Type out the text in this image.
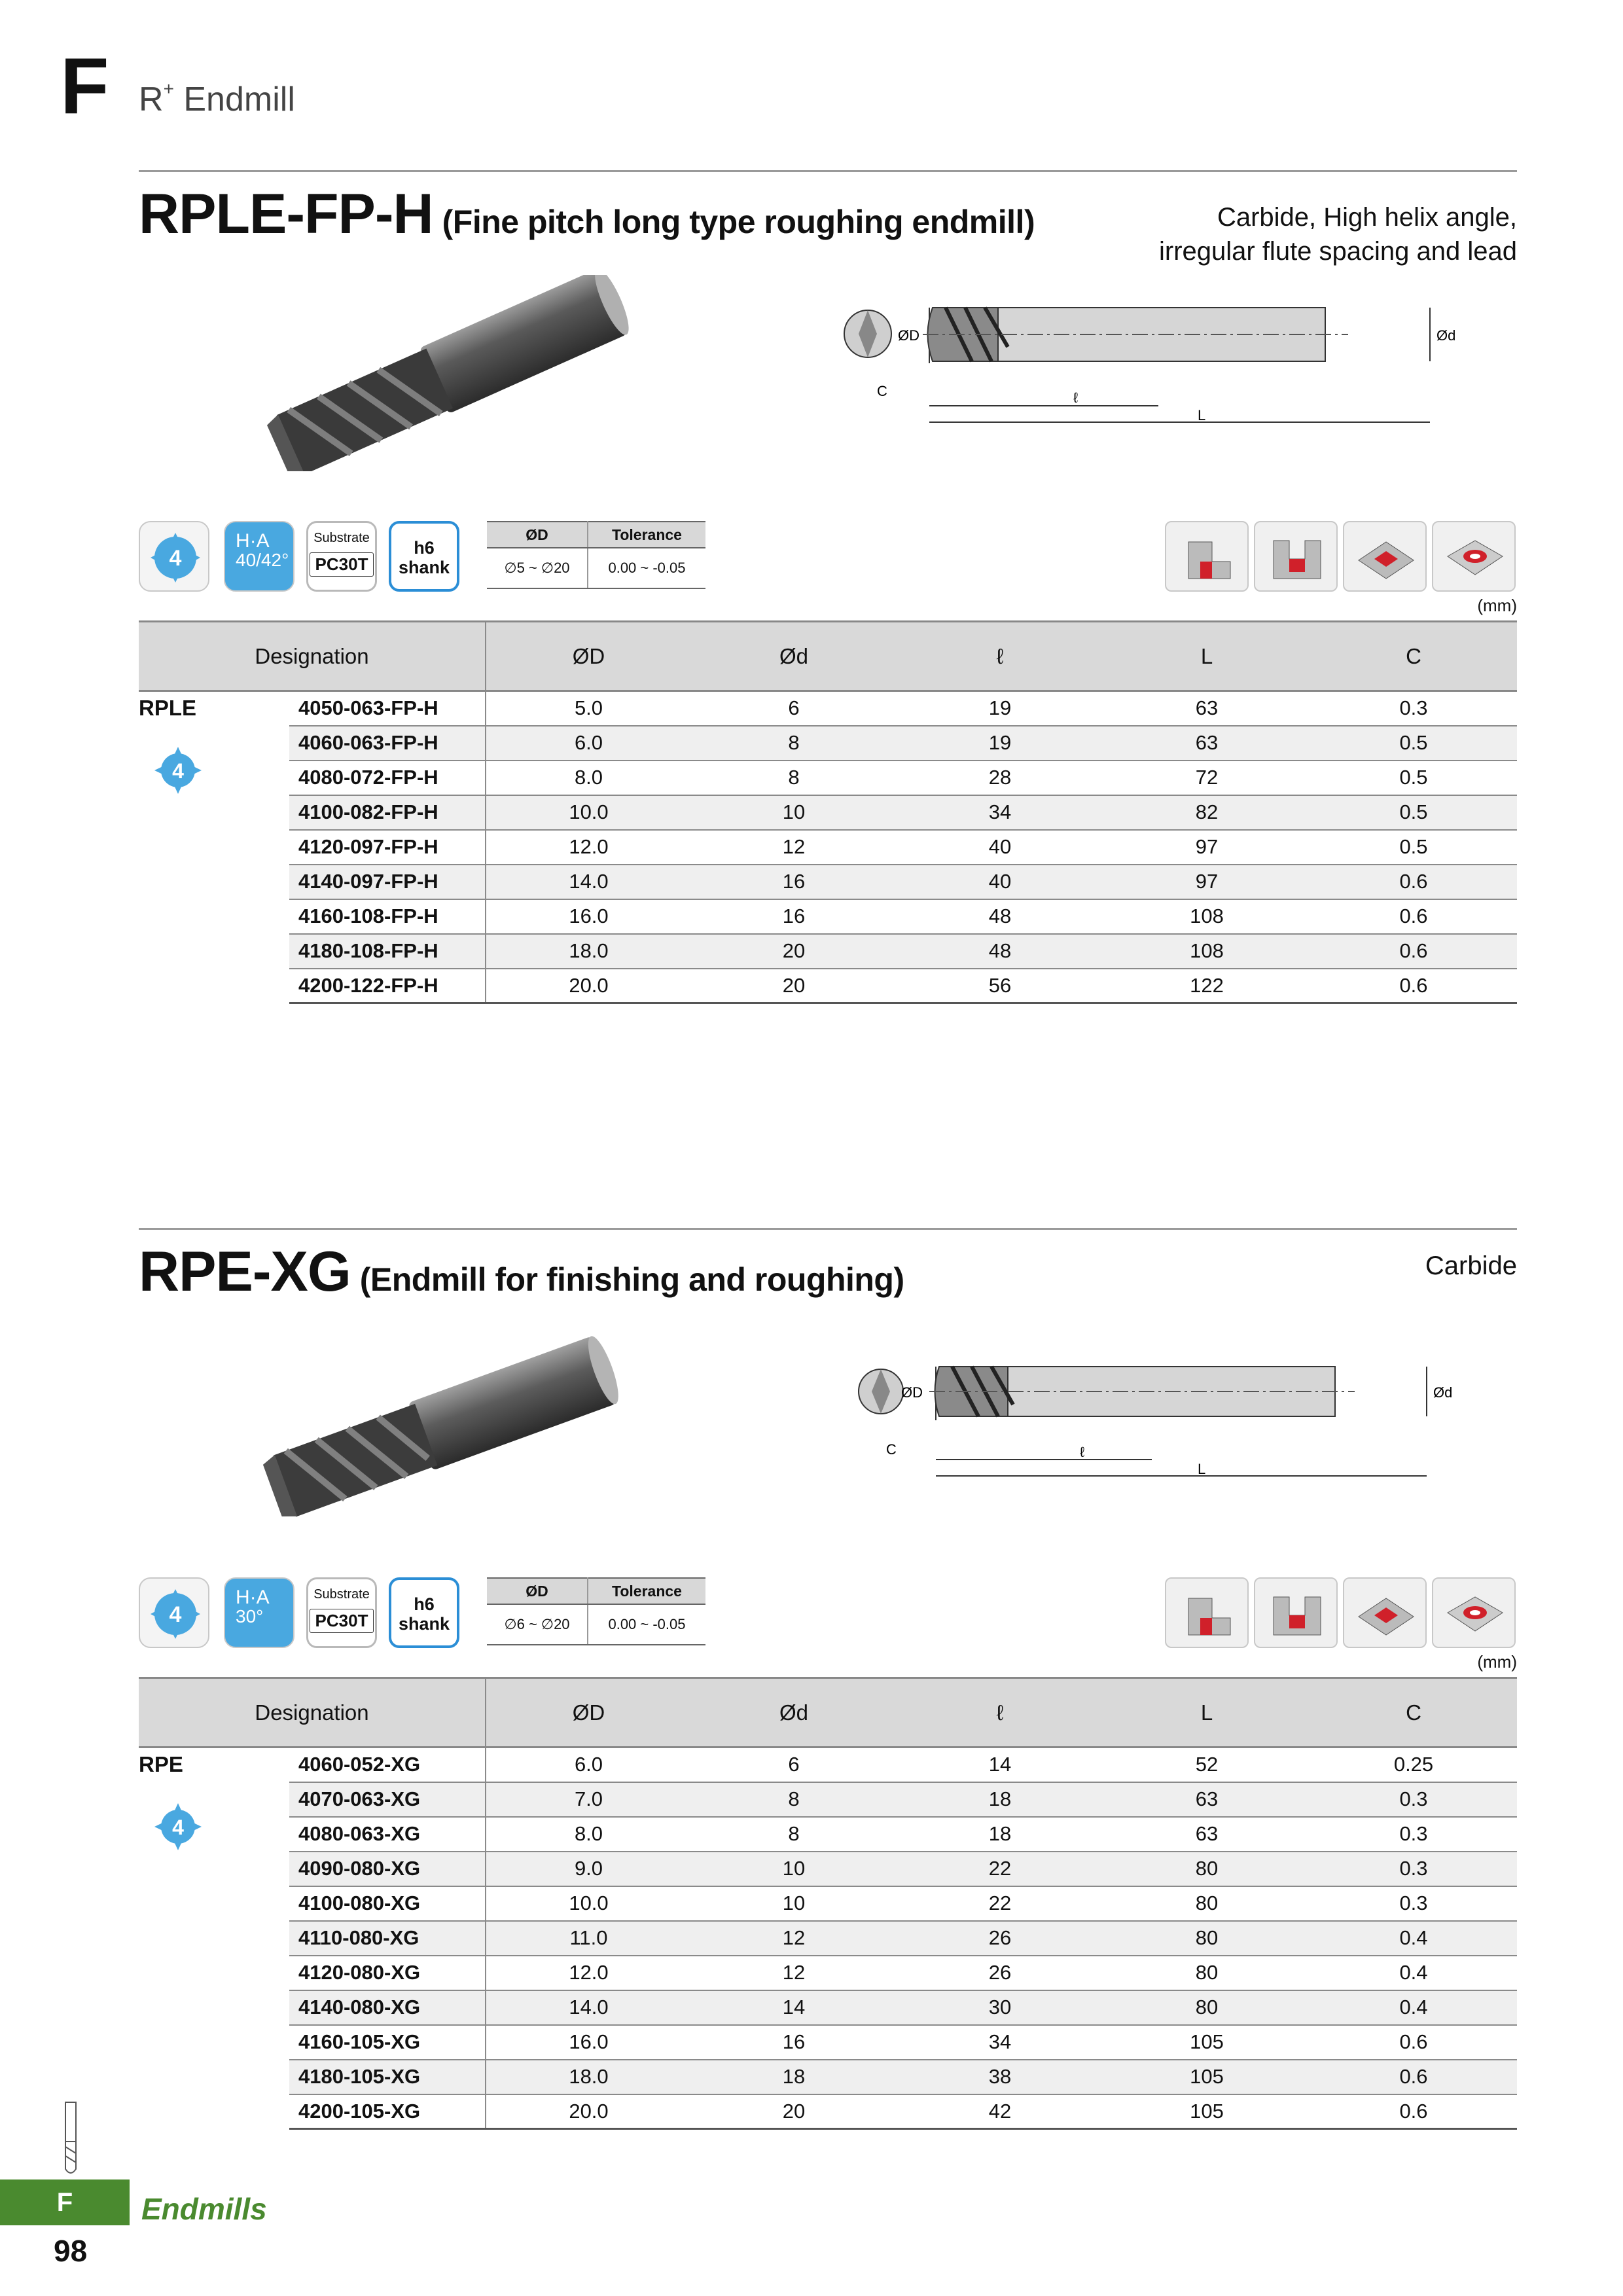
F R+ Endmill
RPLE-FP-H (Fine pitch long type roughing endmill)	Carbide, High helix angle,
irregular flute spacing and lead
ØD	Ød
C	ℓ
L
4
H·A
40/42°
Substrate
PC30T
h6
shank
ØD	Tolerance
∅5 ~ ∅20	0.00 ~ -0.05
(mm)
Designation		ØD	Ød	ℓ	L	C

RPLE
4	4050-063-FP-H	5.0	6	19	63	0.3
	4060-063-FP-H	6.0	8	19	63	0.5
	4080-072-FP-H	8.0	8	28	72	0.5
	4100-082-FP-H	10.0	10	34	82	0.5
	4120-097-FP-H	12.0	12	40	97	0.5
	4140-097-FP-H	14.0	16	40	97	0.6
	4160-108-FP-H	16.0	16	48	108	0.6
	4180-108-FP-H	18.0	20	48	108	0.6
	4200-122-FP-H	20.0	20	56	122	0.6
RPE-XG (Endmill for finishing and roughing)	Carbide
ØD	Ød
C	ℓ
L
4
H·A
30°
Substrate
PC30T
h6
shank
ØD	Tolerance
∅6 ~ ∅20	0.00 ~ -0.05
(mm)
Designation		ØD	Ød	ℓ	L	C

RPE
4	4060-052-XG	6.0	6	14	52	0.25
	4070-063-XG	7.0	8	18	63	0.3
	4080-063-XG	8.0	8	18	63	0.3
	4090-080-XG	9.0	10	22	80	0.3
	4100-080-XG	10.0	10	22	80	0.3
	4110-080-XG	11.0	12	26	80	0.4
	4120-080-XG	12.0	12	26	80	0.4
	4140-080-XG	14.0	14	30	80	0.4
	4160-105-XG	16.0	16	34	105	0.6
	4180-105-XG	18.0	18	38	105	0.6
	4200-105-XG	20.0	20	42	105	0.6
F	Endmills
98
